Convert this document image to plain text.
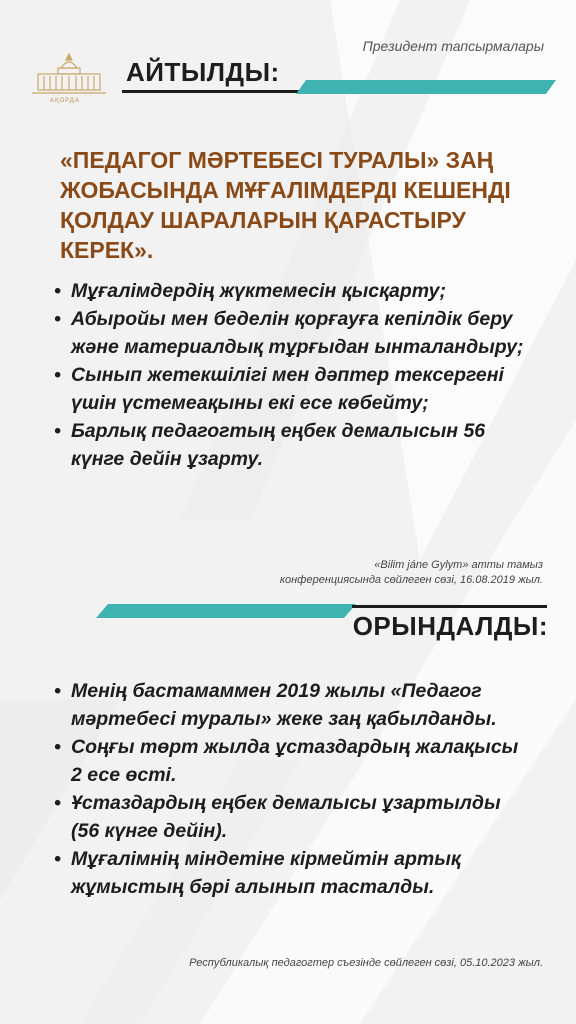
Президент тапсырмалары
АҚОРДА
АЙТЫЛДЫ:
«ПЕДАГОГ МӘРТЕБЕСІ ТУРАЛЫ» ЗАҢ ЖОБАСЫНДА МҰҒАЛІМДЕРДІ КЕШЕНДІ ҚОЛДАУ ШАРАЛАРЫН ҚАРАСТЫРУ КЕРЕК».
• Мұғалімдердің жүктемесін қысқарту;
• Абыройы мен беделін қорғауға кепілдік беру және материалдық тұрғыдан ынталандыру;
• Сынып жетекшілігі мен дәптер тексергені үшін үстемеақыны екі есе көбейту;
• Барлық педагогтың еңбек демалысын 56 күнге дейін ұзарту.
«Bilim jáne Gylym» атты тамыз
конференциясында сөйлеген сөзі, 16.08.2019 жыл.
ОРЫНДАЛДЫ:
• Менің бастамаммен 2019 жылы «Педагог мәртебесі туралы» жеке заң қабылданды.
• Соңғы төрт жылда ұстаздардың жалақысы 2 есе өсті.
• Ұстаздардың еңбек демалысы ұзартылды (56 күнге дейін).
• Мұғалімнің міндетіне кірмейтін артық жұмыстың бәрі алынып тасталды.
Республикалық педагогтер съезінде сөйлеген сөзі, 05.10.2023 жыл.
